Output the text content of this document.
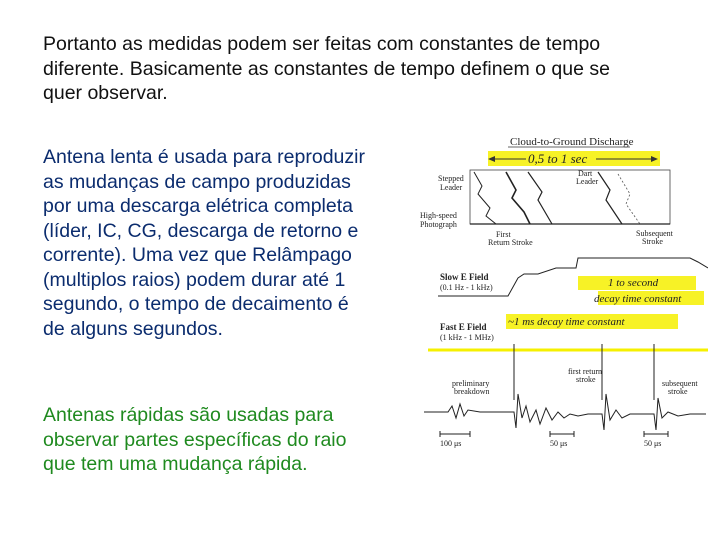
Portanto as medidas podem ser feitas com constantes de tempo
diferente. Basicamente as constantes de tempo definem o que se
quer observar.

Antena lenta é usada para reproduzir
as mudanças de campo produzidas
por uma descarga elétrica completa
(líder, IC, CG, descarga de retorno e
corrente). Uma vez que Relâmpago
(multiplos raios) podem durar até 1
segundo, o tempo de decaimento é
de alguns segundos.

Antenas rápidas são usadas para
observar partes específicas do raio
que tem uma mudança rápida.

Cloud-to-Ground Discharge
0,5 to 1 sec
Stepped
Leader
Dart
Leader
High-speed
Photograph
First
Return Stroke
Subsequent
Stroke
Slow E Field
(0.1 Hz - 1 kHz)	1 to second
decay time constant
Fast E Field
(1 kHz - 1 MHz)
~1 ms decay time constant
first return
stroke
preliminary
breakdown
subsequent
stroke
100 μs	50 μs	50 μs
